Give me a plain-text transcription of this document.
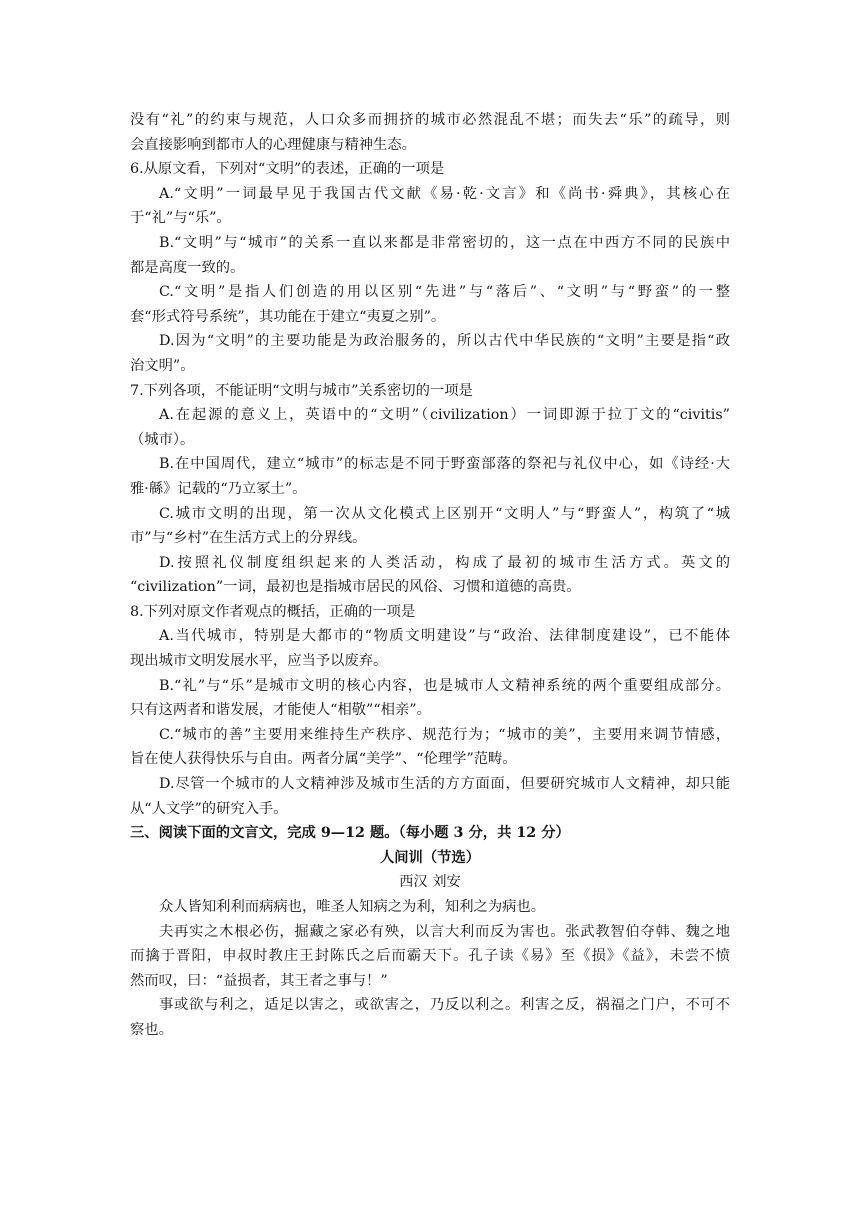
没有“礼”的约束与规范，人口众多而拥挤的城市必然混乱不堪；而失去“乐”的疏导，则
会直接影响到都市人的心理健康与精神生态。
6.从原文看，下列对“文明”的表述，正确的一项是
A.“文明”一词最早见于我国古代文献《易·乾·文言》和《尚书·舜典》，其核心在
于“礼”与“乐”。
B.“文明”与“城市”的关系一直以来都是非常密切的，这一点在中西方不同的民族中
都是高度一致的。
C.“文明”是指人们创造的用以区别“先进”与“落后”、“文明”与“野蛮”的一整
套“形式符号系统”，其功能在于建立“夷夏之别”。
D.因为“文明”的主要功能是为政治服务的，所以古代中华民族的“文明”主要是指“政
治文明”。
7.下列各项，不能证明“文明与城市”关系密切的一项是
A.在起源的意义上，英语中的“文明”（civilization）一词即源于拉丁文的“civitis”
（城市）。
B.在中国周代，建立“城市”的标志是不同于野蛮部落的祭祀与礼仪中心，如《诗经·大
雅·緜》记载的“乃立冢土”。
C.城市文明的出现，第一次从文化模式上区别开“文明人”与“野蛮人”，构筑了“城
市”与“乡村”在生活方式上的分界线。
D.按照礼仪制度组织起来的人类活动，构成了最初的城市生活方式。英文的
“civilization”一词，最初也是指城市居民的风俗、习惯和道德的高贵。
8.下列对原文作者观点的概括，正确的一项是
A.当代城市，特别是大都市的“物质文明建设”与“政治、法律制度建设”，已不能体
现出城市文明发展水平，应当予以废弃。
B.“礼”与“乐”是城市文明的核心内容，也是城市人文精神系统的两个重要组成部分。
只有这两者和谐发展，才能使人“相敬”“相亲”。
C.“城市的善”主要用来维持生产秩序、规范行为；“城市的美”，主要用来调节情感，
旨在使人获得快乐与自由。两者分属“美学”、“伦理学”范畴。
D.尽管一个城市的人文精神涉及城市生活的方方面面，但要研究城市人文精神，却只能
从“人文学”的研究入手。
三、阅读下面的文言文，完成 9—12 题。（每小题 3 分，共 12 分）
人间训（节选）
西汉 刘安
众人皆知利利而病病也，唯圣人知病之为利，知利之为病也。
夫再实之木根必伤，掘藏之家必有殃，以言大利而反为害也。张武教智伯夺韩、魏之地
而擒于晋阳，申叔时教庄王封陈氏之后而霸天下。孔子读《易》至《损》《益》，未尝不愤
然而叹，曰：“益损者，其王者之事与！”
事或欲与利之，适足以害之，或欲害之，乃反以利之。利害之反，祸福之门户，不可不
察也。
